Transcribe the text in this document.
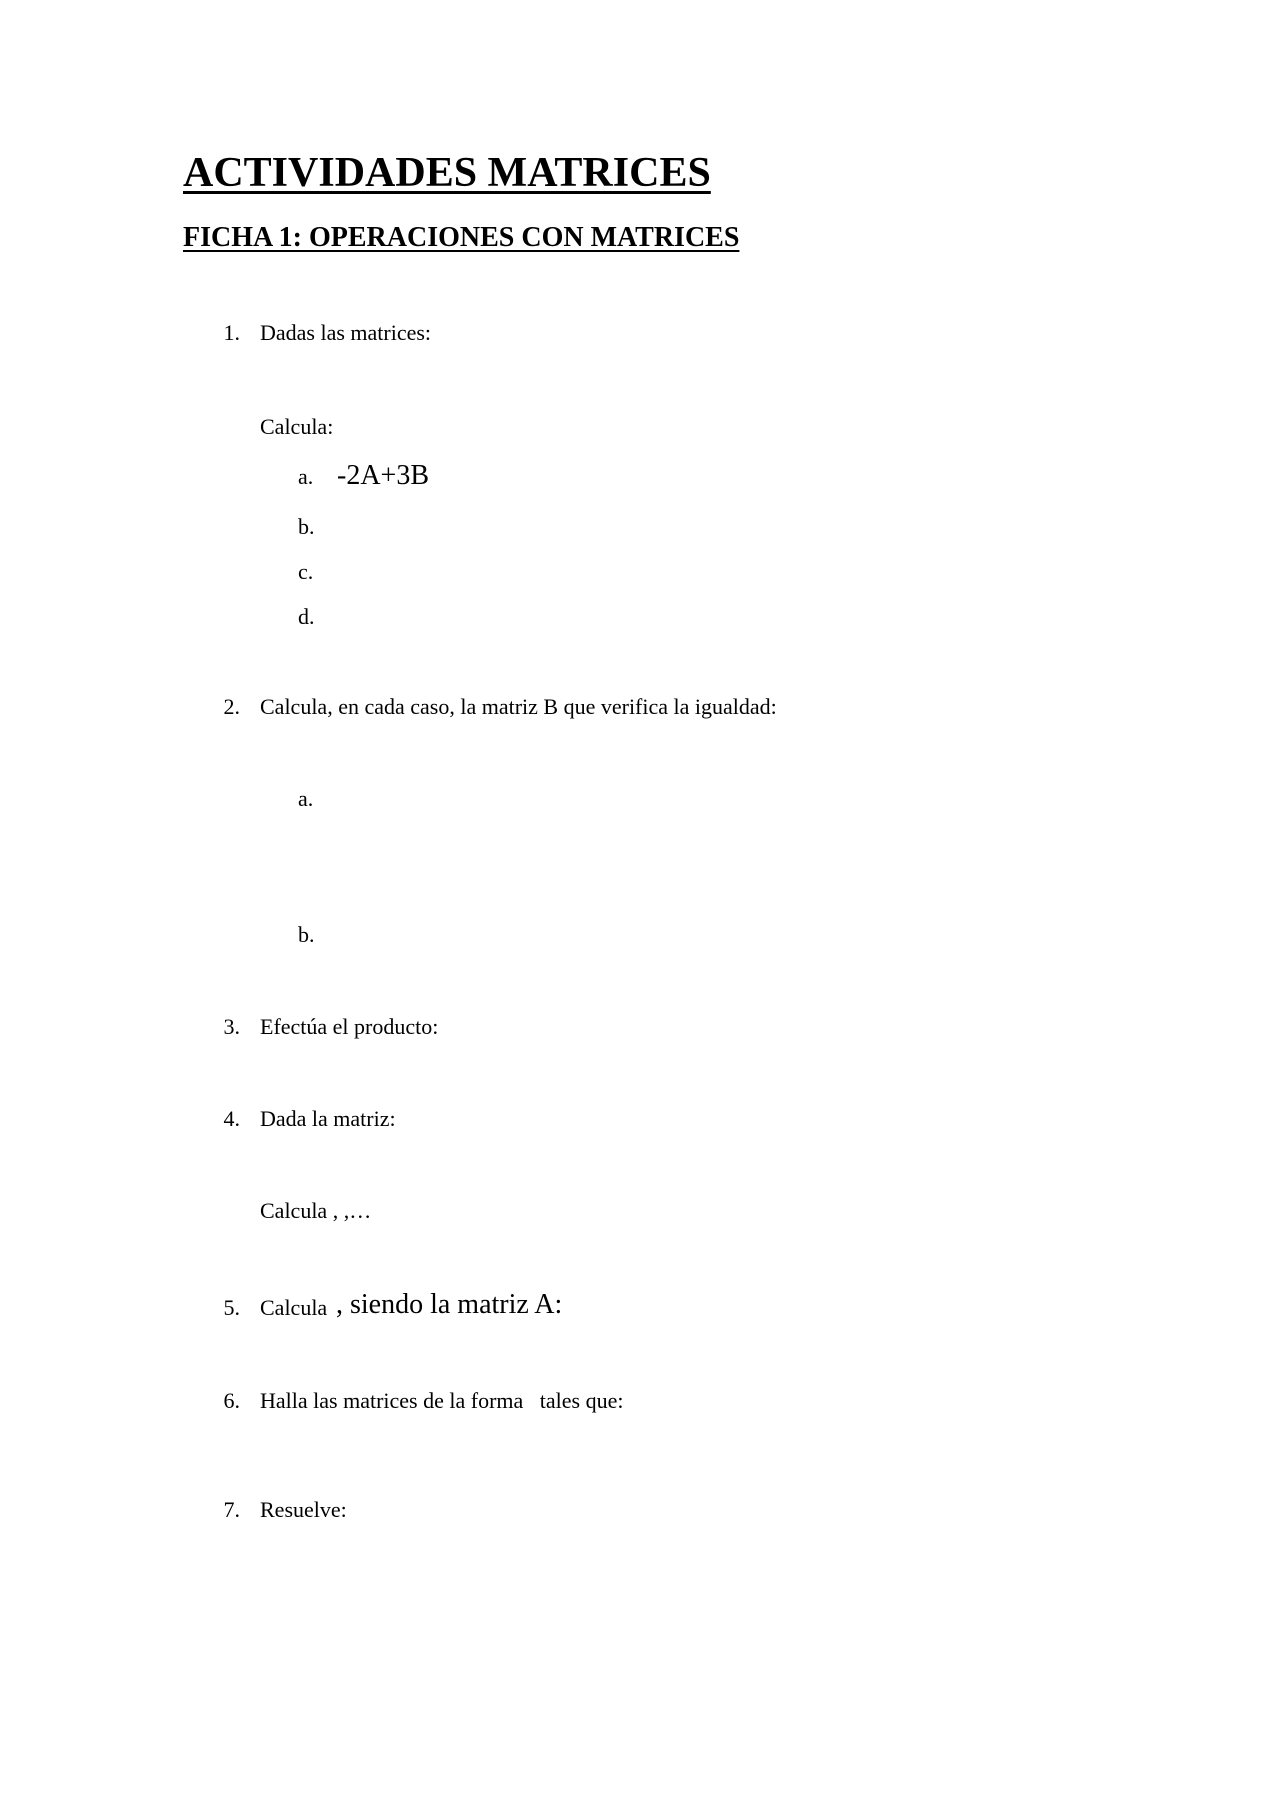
ACTIVIDADES MATRICES
FICHA 1: OPERACIONES CON MATRICES
1. Dadas las matrices:
Calcula:
a. -2A+3B
b.
c.
d.
2. Calcula, en cada caso, la matriz B que verifica la igualdad:
a.
b.
3. Efectúa el producto:
4. Dada la matriz:
Calcula , ,…
5. Calcula , siendo la matriz A:
6. Halla las matrices de la forma   tales que:
7. Resuelve:
